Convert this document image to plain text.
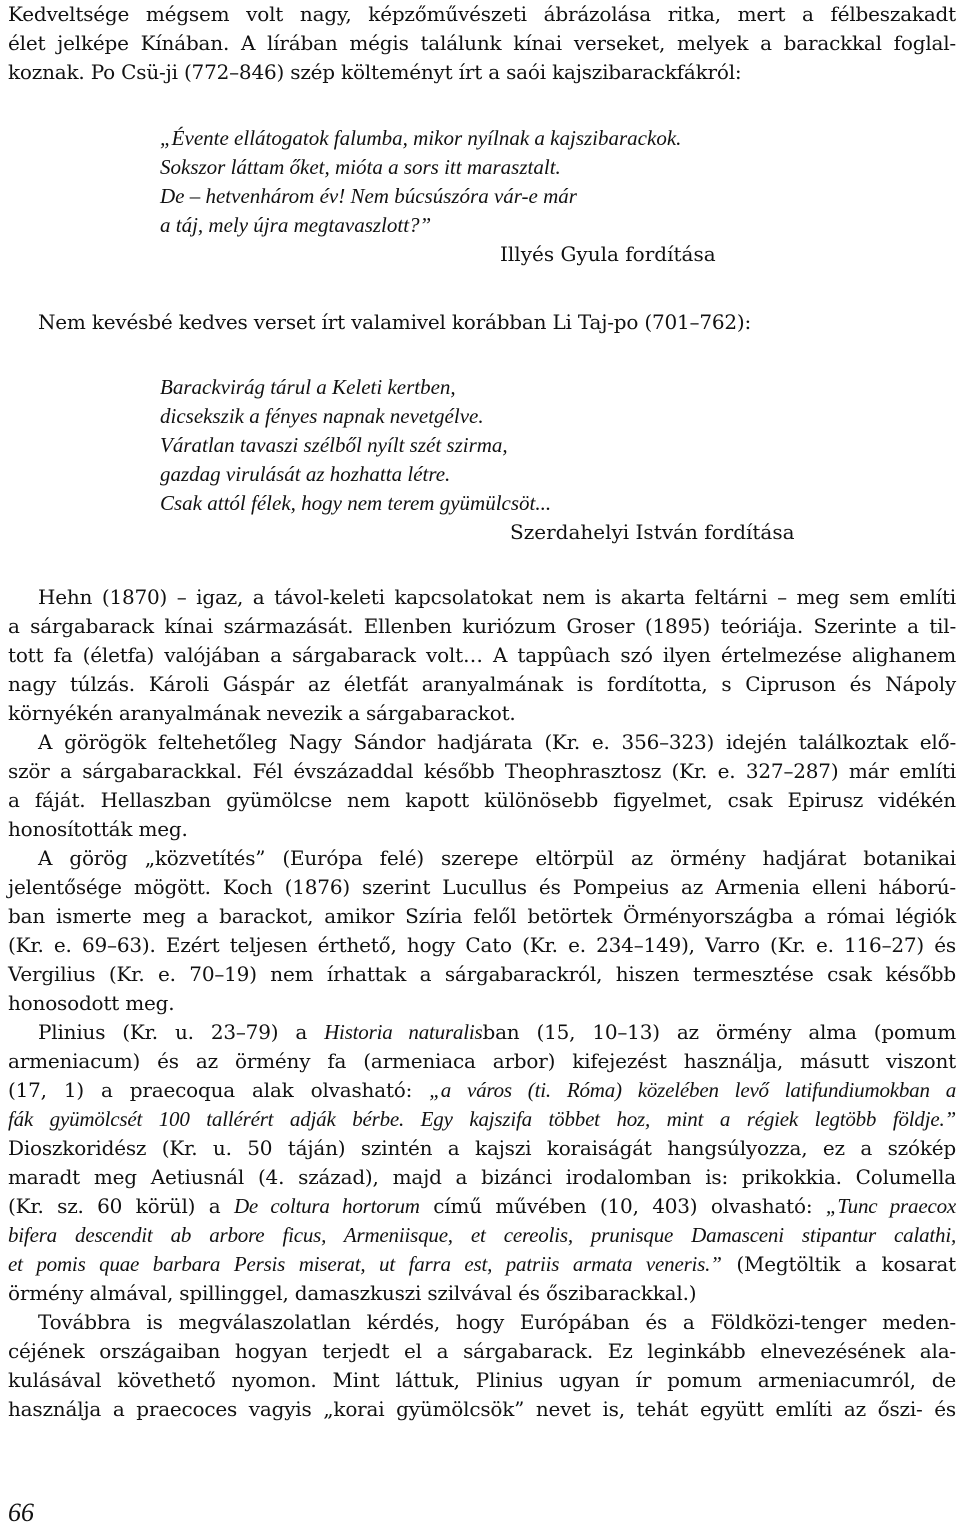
Kedveltsége mégsem volt nagy, képzőművészeti ábrázolása ritka, mert a félbeszakadt
élet jelképe Kínában. A lírában mégis találunk kínai verseket, melyek a barackkal foglal-
koznak. Po Csü-ji (772–846) szép költeményt írt a saói kajszibarackfákról:
„Évente ellátogatok falumba, mikor nyílnak a kajszibarackok.
Sokszor láttam őket, mióta a sors itt marasztalt.
De – hetvenhárom év! Nem búcsúszóra vár-e már
a táj, mely újra megtavaszlott?”
Illyés Gyula fordítása
Nem kevésbé kedves verset írt valamivel korábban Li Taj-po (701–762):
Barackvirág tárul a Keleti kertben,
dicsekszik a fényes napnak nevetgélve.
Váratlan tavaszi szélből nyílt szét szirma,
gazdag virulását az hozhatta létre.
Csak attól félek, hogy nem terem gyümülcsöt...
Szerdahelyi István fordítása
Hehn (1870) – igaz, a távol-keleti kapcsolatokat nem is akarta feltárni – meg sem említi
a sárgabarack kínai származását. Ellenben kuriózum Groser (1895) teóriája. Szerinte a til-
tott fa (életfa) valójában a sárgabarack volt… A tappûach szó ilyen értelmezése alighanem
nagy túlzás. Károli Gáspár az életfát aranyalmának is fordította, s Cipruson és Nápoly
környékén aranyalmának nevezik a sárgabarackot.
A görögök feltehetőleg Nagy Sándor hadjárata (Kr. e. 356–323) idején találkoztak elő-
ször a sárgabarackkal. Fél évszázaddal később Theophrasztosz (Kr. e. 327–287) már említi
a fáját. Hellaszban gyümölcse nem kapott különösebb figyelmet, csak Epirusz vidékén
honosították meg.
A görög „közvetítés” (Európa felé) szerepe eltörpül az örmény hadjárat botanikai
jelentősége mögött. Koch (1876) szerint Lucullus és Pompeius az Armenia elleni háború-
ban ismerte meg a barackot, amikor Szíria felől betörtek Örményországba a római légiók
(Kr. e. 69–63). Ezért teljesen érthető, hogy Cato (Kr. e. 234–149), Varro (Kr. e. 116–27) és
Vergilius (Kr. e. 70–19) nem írhattak a sárgabarackról, hiszen termesztése csak később
honosodott meg.
Plinius (Kr. u. 23–79) a Historia naturalisban (15, 10–13) az örmény alma (pomum
armeniacum) és az örmény fa (armeniaca arbor) kifejezést használja, másutt viszont
(17, 1) a praecoqua alak olvasható: „a város (ti. Róma) közelében levő latifundiumokban a
fák gyümölcsét 100 tallérért adják bérbe. Egy kajszifa többet hoz, mint a régiek legtöbb földje.”
Dioszkoridész (Kr. u. 50 táján) szintén a kajszi koraiságát hangsúlyozza, ez a szókép
maradt meg Aetiusnál (4. század), majd a bizánci irodalomban is: prikokkia. Columella
(Kr. sz. 60 körül) a De coltura hortorum című művében (10, 403) olvasható: „Tunc praecox
bifera descendit ab arbore ficus, Armeniisque, et cereolis, prunisque Damasceni stipantur calathi,
et pomis quae barbara Persis miserat, ut farra est, patriis armata veneris.” (Megtöltik a kosarat
örmény almával, spillinggel, damaszkuszi szilvával és őszibarackkal.)
Továbbra is megválaszolatlan kérdés, hogy Európában és a Földközi-tenger meden-
céjének országaiban hogyan terjedt el a sárgabarack. Ez leginkább elnevezésének ala-
kulásával követhető nyomon. Mint láttuk, Plinius ugyan ír pomum armeniacumról, de
használja a praecoces vagyis „korai gyümölcsök” nevet is, tehát együtt említi az őszi- és
66
